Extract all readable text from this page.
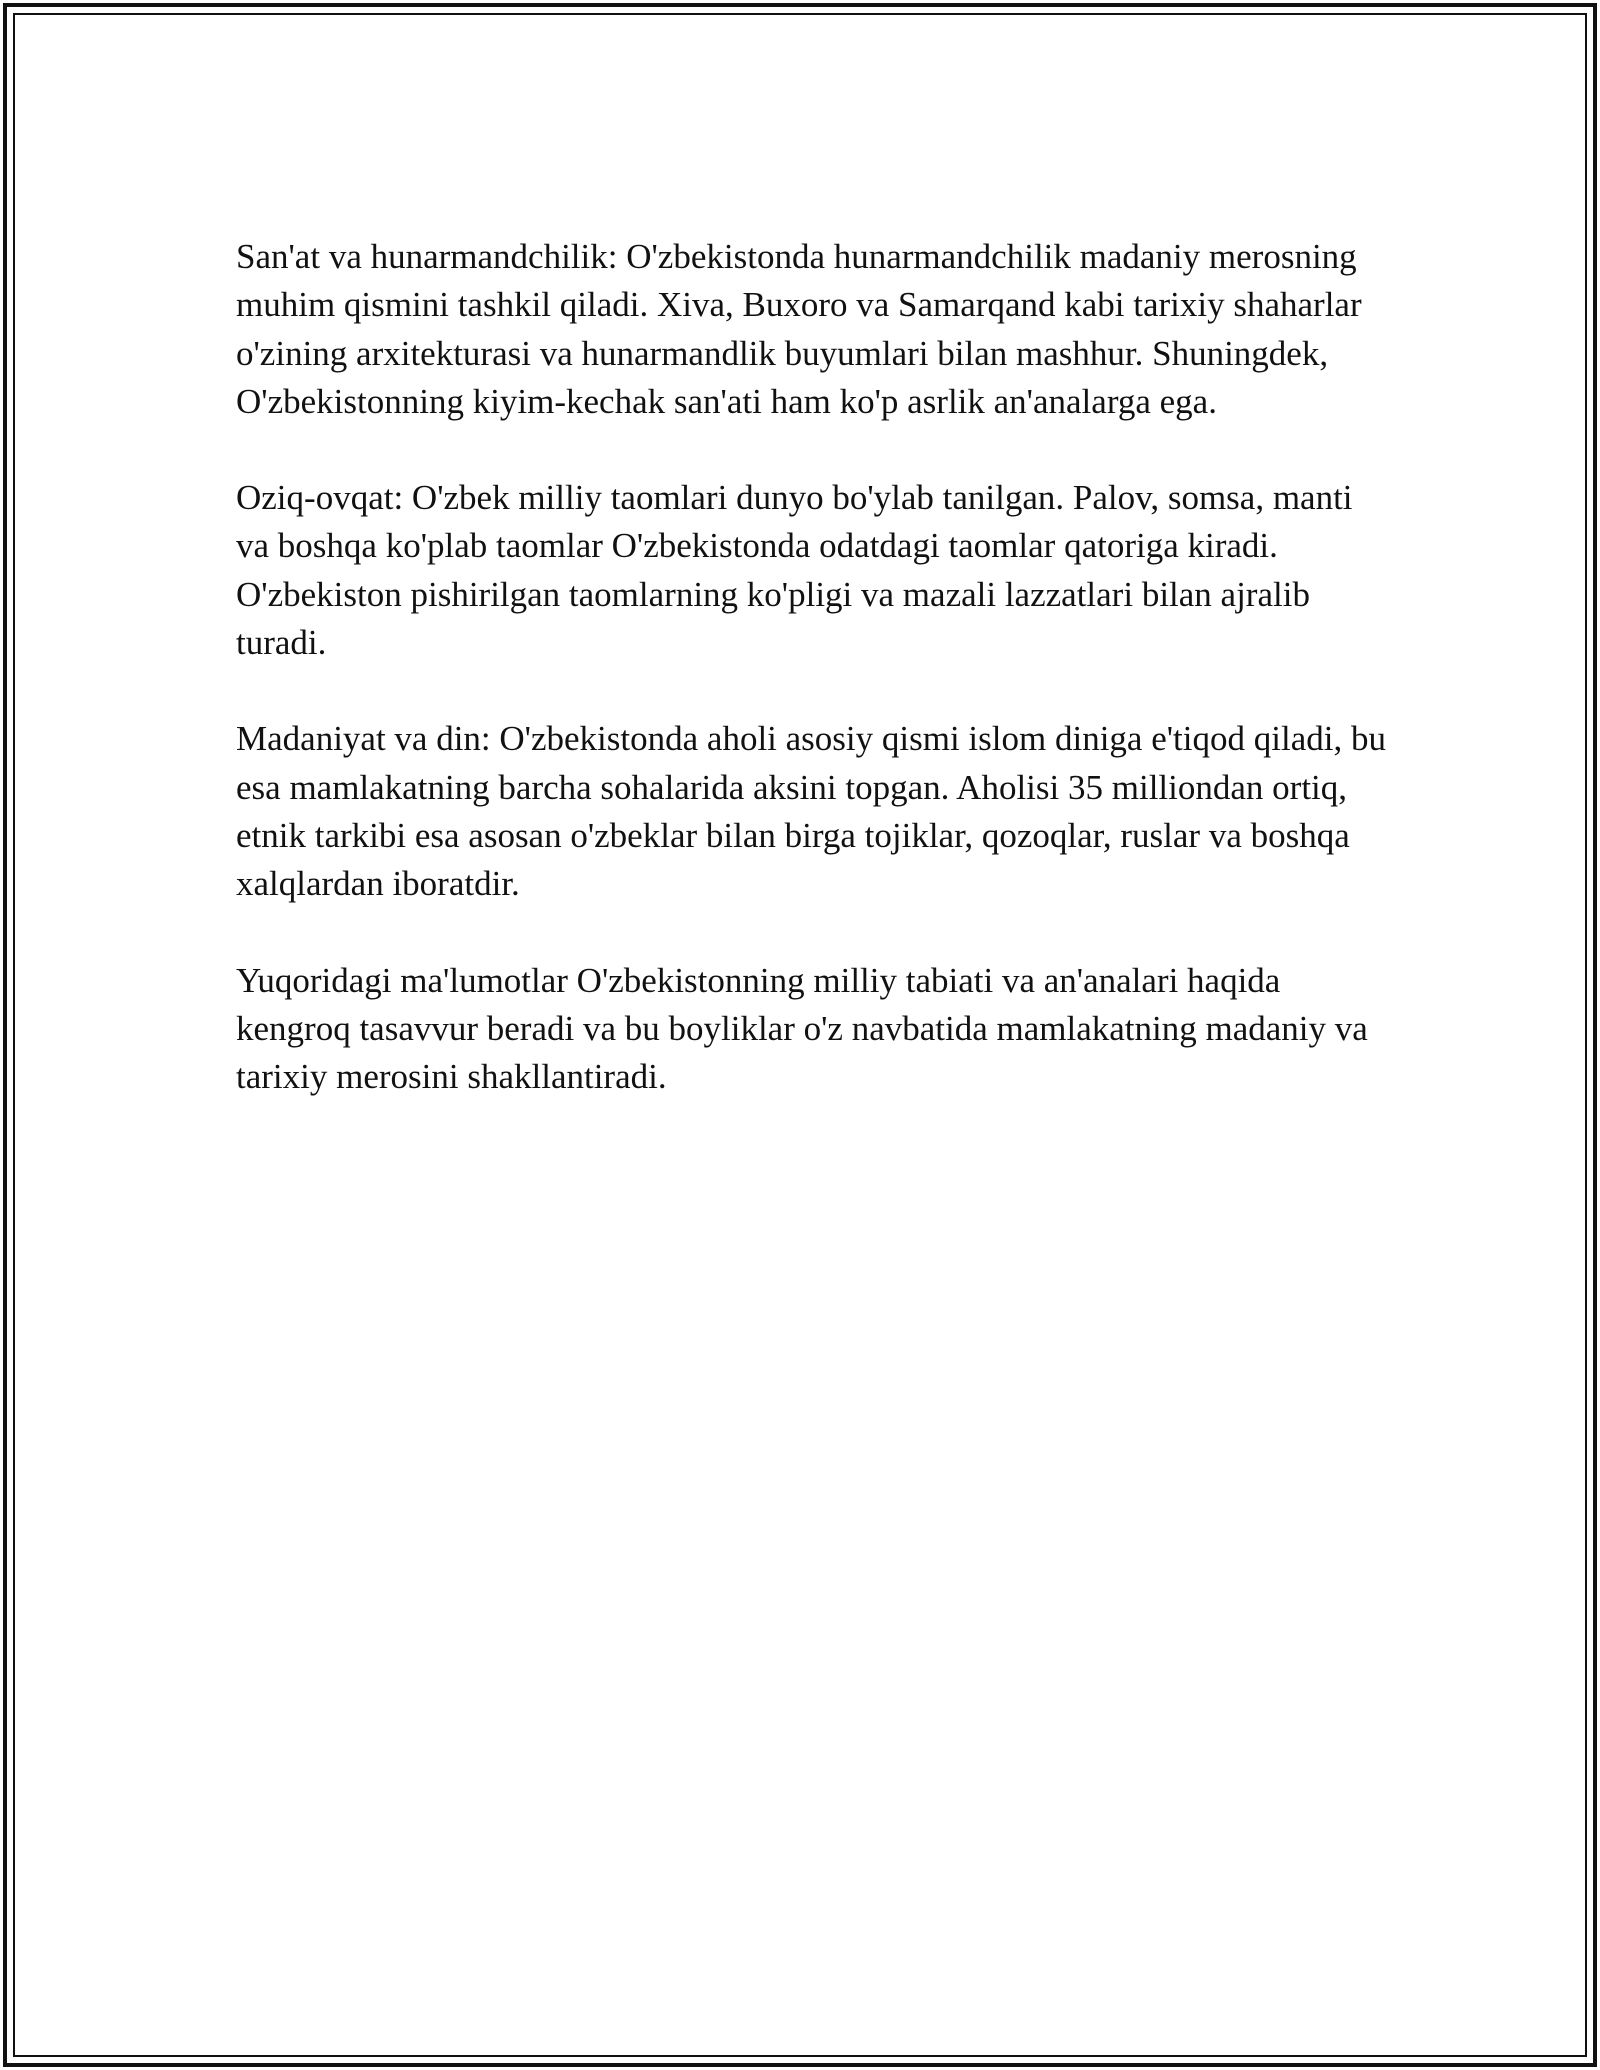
San'at va hunarmandchilik: O'zbekistonda hunarmandchilik madaniy merosning muhim qismini tashkil qiladi. Xiva, Buxoro va Samarqand kabi tarixiy shaharlar o'zining arxitekturasi va hunarmandlik buyumlari bilan mashhur. Shuningdek, O'zbekistonning kiyim-kechak san'ati ham ko'p asrlik an'analarga ega.

Oziq-ovqat: O'zbek milliy taomlari dunyo bo'ylab tanilgan. Palov, somsa, manti va boshqa ko'plab taomlar O'zbekistonda odatdagi taomlar qatoriga kiradi. O'zbekiston pishirilgan taomlarning ko'pligi va mazali lazzatlari bilan ajralib turadi.

Madaniyat va din: O'zbekistonda aholi asosiy qismi islom diniga e'tiqod qiladi, bu esa mamlakatning barcha sohalarida aksini topgan. Aholisi 35 milliondan ortiq, etnik tarkibi esa asosan o'zbeklar bilan birga tojiklar, qozoqlar, ruslar va boshqa xalqlardan iboratdir.

Yuqoridagi ma'lumotlar O'zbekistonning milliy tabiati va an'analari haqida kengroq tasavvur beradi va bu boyliklar o'z navbatida mamlakatning madaniy va tarixiy merosini shakllantiradi.
